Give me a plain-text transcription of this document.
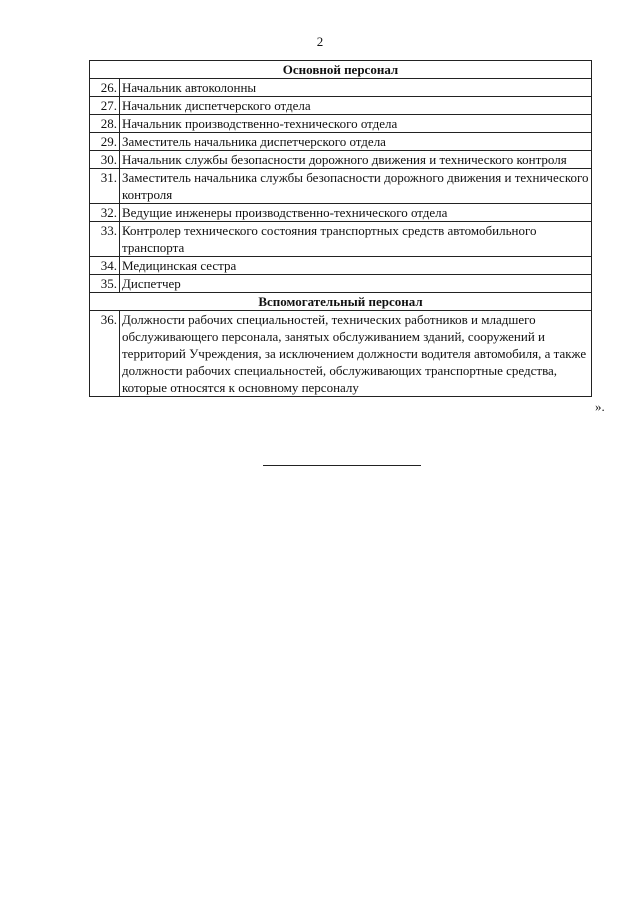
2
Основной персонал	
26.	Начальник автоколонны
27.	Начальник диспетчерского отдела
28.	Начальник производственно-технического отдела
29.	Заместитель начальника диспетчерского отдела
30.	Начальник службы безопасности дорожного движения и технического контроля
31.	Заместитель начальника службы безопасности дорожного движения и технического контроля
32.	Ведущие инженеры производственно-технического отдела
33.	Контролер технического состояния транспортных средств автомобильного транспорта
34.	Медицинская сестра
35.	Диспетчер
Вспомогательный персонал	
36.	Должности рабочих специальностей, технических работников и младшего обслуживающего персонала, занятых обслуживанием зданий, сооружений и территорий Учреждения, за исключением должности водителя автомобиля, а также должности рабочих специальностей, обслуживающих транспортные средства, которые относятся к основному персоналу
».
